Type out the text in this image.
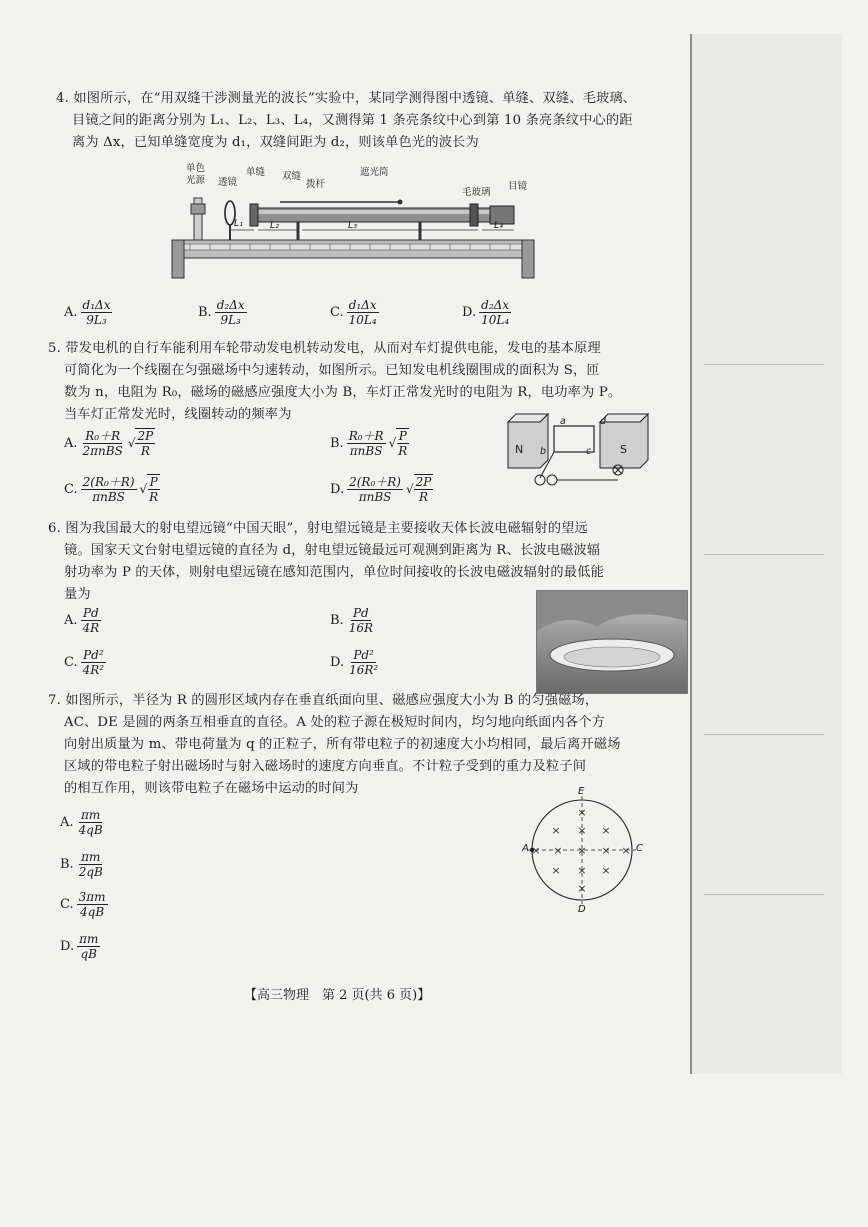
4. 如图所示，在“用双缝干涉测量光的波长”实验中，某同学测得图中透镜、单缝、双缝、毛玻璃、
目镜之间的距离分别为 L₁、L₂、L₃、L₄，又测得第 1 条亮条纹中心到第 10 条亮条纹中心的距
离为 Δx，已知单缝宽度为 d₁，双缝间距为 d₂，则该单色光的波长为
单色
光源 透镜
单缝 双缝
拨杆
遮光筒
毛玻璃
目镜
L₁	L₂	L₃	L₄
A. $\frac{\text{d₁Δx}}{\text{9L₃}}$	B. $\frac{\text{d₂Δx}}{\text{9L₃}}$	C. $\frac{\text{d₁Δx}}{\text{10L₄}}$	D. $\frac{\text{d₂Δx}}{\text{10L₄}}$
5. 带发电机的自行车能利用车轮带动发电机转动发电，从而对车灯提供电能，发电的基本原理
可简化为一个线圈在匀强磁场中匀速转动，如图所示。已知发电机线圈围成的面积为 S，匝
数为 n，电阻为 R₀，磁场的磁感应强度大小为 B，车灯正常发光时的电阻为 R，电功率为 P。
当车灯正常发光时，线圈转动的频率为
A. $\frac{\text{R₀＋R}}{\text{2πnBS}}$ √ $\frac{2P}{R}$	B. $\frac{\text{R₀＋R}}{\text{πnBS}}$ √ $\frac{P}{R}$
C. $\frac{\text{2(R₀＋R)}}{\text{πnBS}}$ √ $\frac{P}{R}$	D. $\frac{\text{2(R₀＋R)}}{\text{πnBS}}$ √ $\frac{2P}{R}$
N	S
a
b	c
d
6. 图为我国最大的射电望远镜“中国天眼”，射电望远镜是主要接收天体长波电磁辐射的望远
镜。国家天文台射电望远镜的直径为 d，射电望远镜最远可观测到距离为 R、长波电磁波辐
射功率为 P 的天体，则射电望远镜在感知范围内，单位时间接收的长波电磁波辐射的最低能
量为
A. $\frac{Pd}{4R}$	B. $\frac{Pd}{16R}$
C. $\frac{\text{Pd²}}{\text{4R²}}$	D. $\frac{\text{Pd²}}{\text{16R²}}$
7. 如图所示，半径为 R 的圆形区域内存在垂直纸面向里、磁感应强度大小为 B 的匀强磁场，
AC、DE 是圆的两条互相垂直的直径。A 处的粒子源在极短时间内，均匀地向纸面内各个方
向射出质量为 m、带电荷量为 q 的正粒子，所有带电粒子的初速度大小均相同，最后离开磁场
区域的带电粒子射出磁场时与射入磁场时的速度方向垂直。不计粒子受到的重力及粒子间
的相互作用，则该带电粒子在磁场中运动的时间为
A. $\frac{\pi m}{4qB}$
B. $\frac{\pi m}{2qB}$
C. $\frac{3\pi m}{4qB}$
D. $\frac{\pi m}{qB}$
×
× × ×
× × × × ×
× × ×
×
E
A	C
D
【高三物理　第 2 页(共 6 页)】
